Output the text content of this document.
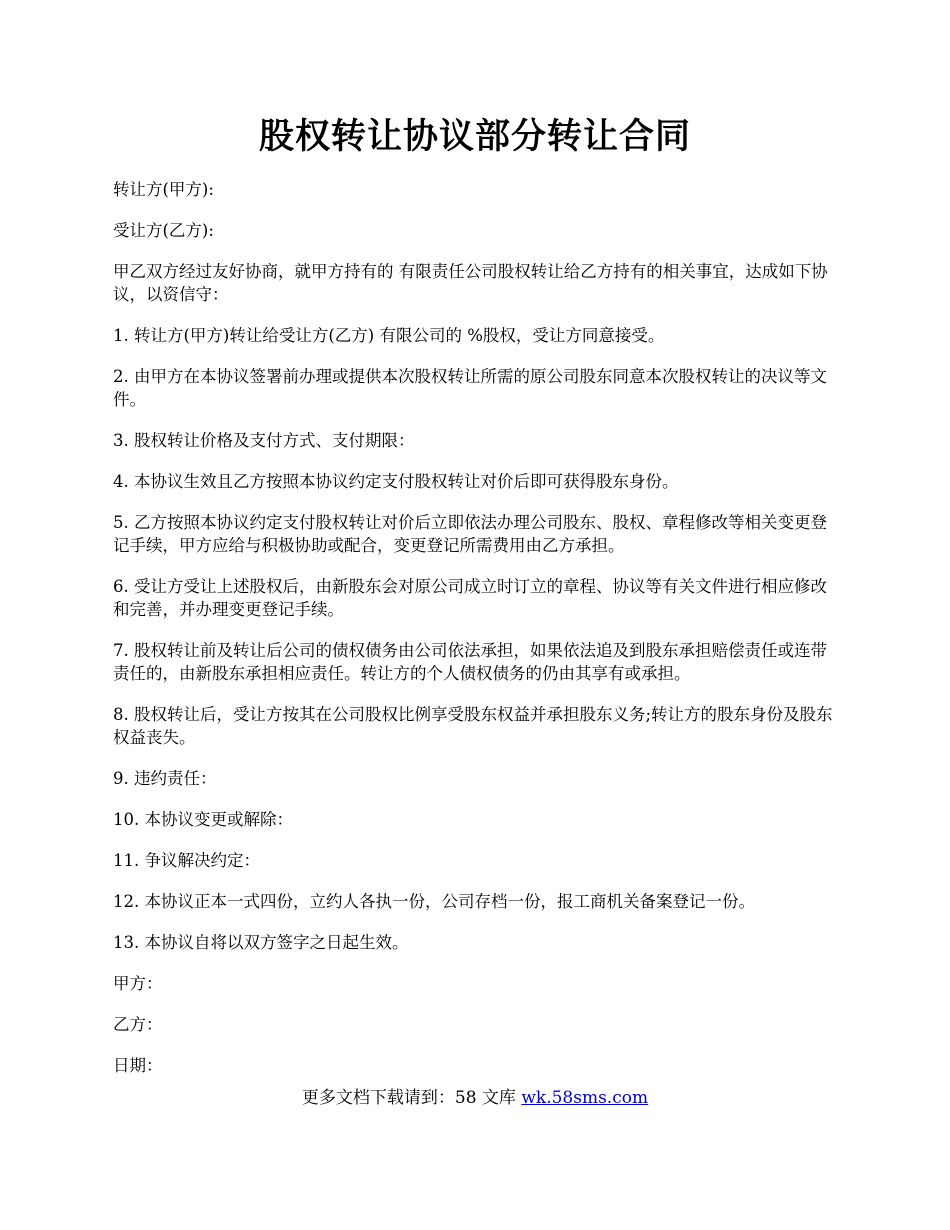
股权转让协议部分转让合同

转让方(甲方):

受让方(乙方):

甲乙双方经过友好协商，就甲方持有的 有限责任公司股权转让给乙方持有的相关事宜，达成如下协议，以资信守：

1. 转让方(甲方)转让给受让方(乙方) 有限公司的 %股权，受让方同意接受。

2. 由甲方在本协议签署前办理或提供本次股权转让所需的原公司股东同意本次股权转让的决议等文件。

3. 股权转让价格及支付方式、支付期限：

4. 本协议生效且乙方按照本协议约定支付股权转让对价后即可获得股东身份。

5. 乙方按照本协议约定支付股权转让对价后立即依法办理公司股东、股权、章程修改等相关变更登记手续，甲方应给与积极协助或配合，变更登记所需费用由乙方承担。

6. 受让方受让上述股权后，由新股东会对原公司成立时订立的章程、协议等有关文件进行相应修改和完善，并办理变更登记手续。

7. 股权转让前及转让后公司的债权债务由公司依法承担，如果依法追及到股东承担赔偿责任或连带责任的，由新股东承担相应责任。转让方的个人债权债务的仍由其享有或承担。

8. 股权转让后，受让方按其在公司股权比例享受股东权益并承担股东义务;转让方的股东身份及股东权益丧失。

9. 违约责任：

10. 本协议变更或解除：

11. 争议解决约定：

12. 本协议正本一式四份，立约人各执一份，公司存档一份，报工商机关备案登记一份。

13. 本协议自将以双方签字之日起生效。

甲方：

乙方：

日期：

更多文档下载请到：58 文库 wk.58sms.com
